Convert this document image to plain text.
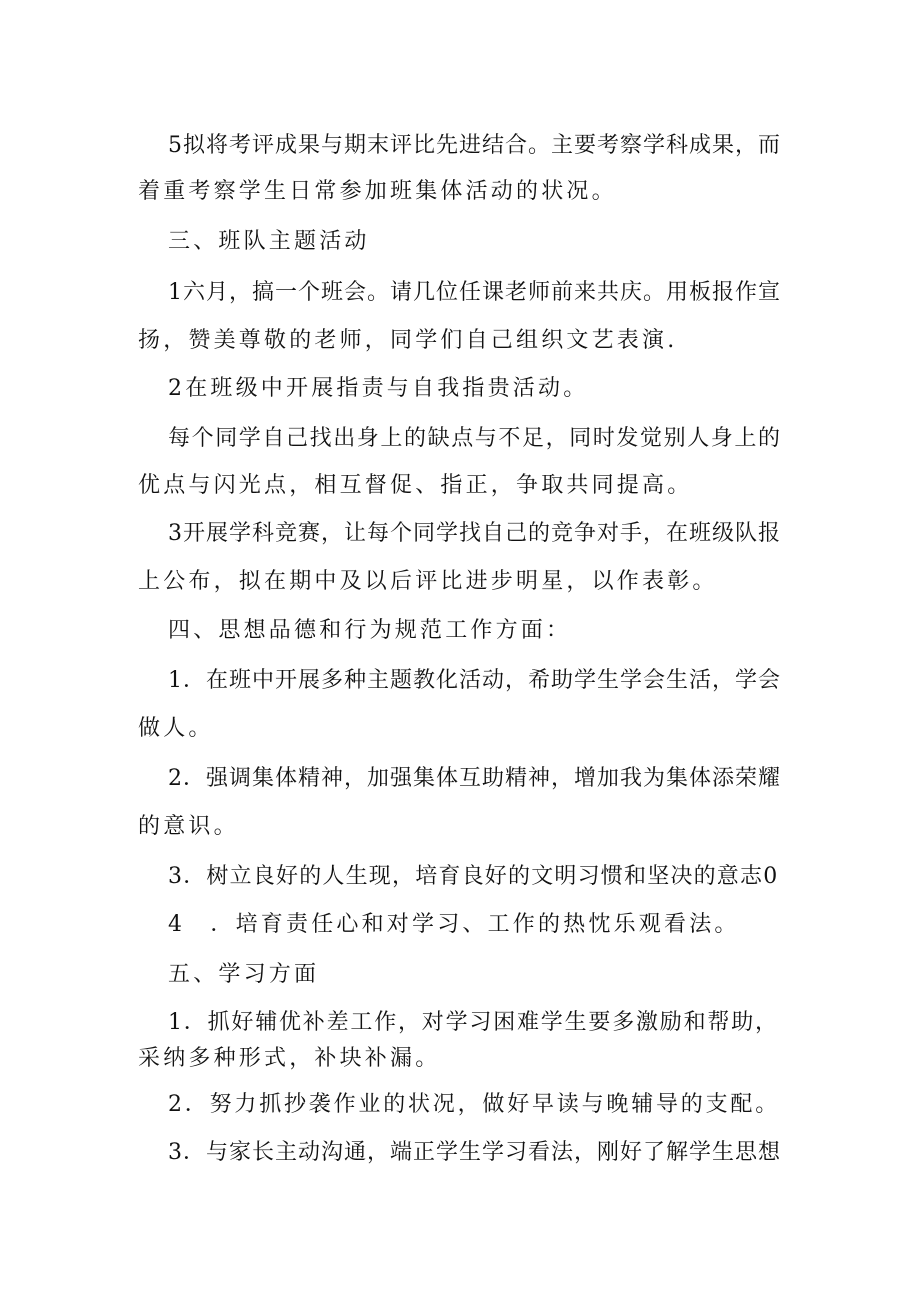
5拟将考评成果与期末评比先进结合。主要考察学科成果，而
着重考察学生日常参加班集体活动的状况。
三、班队主题活动
1六月，搞一个班会。请几位任课老师前来共庆。用板报作宣
扬，赞美尊敬的老师，同学们自己组织文艺表演.
2在班级中开展指责与自我指贵活动。
每个同学自己找出身上的缺点与不足，同时发觉别人身上的
优点与闪光点，相互督促、指正，争取共同提高。
3开展学科竞赛，让每个同学找自己的竞争对手，在班级队报
上公布，拟在期中及以后评比进步明星，以作表彰。
四、思想品德和行为规范工作方面：
1．在班中开展多种主题教化活动，希助学生学会生活，学会
做人。
2．强调集体精神，加强集体互助精神，增加我为集体添荣耀
的意识。
3．树立良好的人生现，培育良好的文明习惯和坚决的意志0
4　．培育责任心和对学习、工作的热忱乐观看法。
五、学习方面
1．抓好辅优补差工作，对学习困难学生要多激励和帮助，
采纳多种形式，补块补漏。
2．努力抓抄袭作业的状况，做好早读与晚辅导的支配。
3．与家长主动沟通，端正学生学习看法，刚好了解学生思想
